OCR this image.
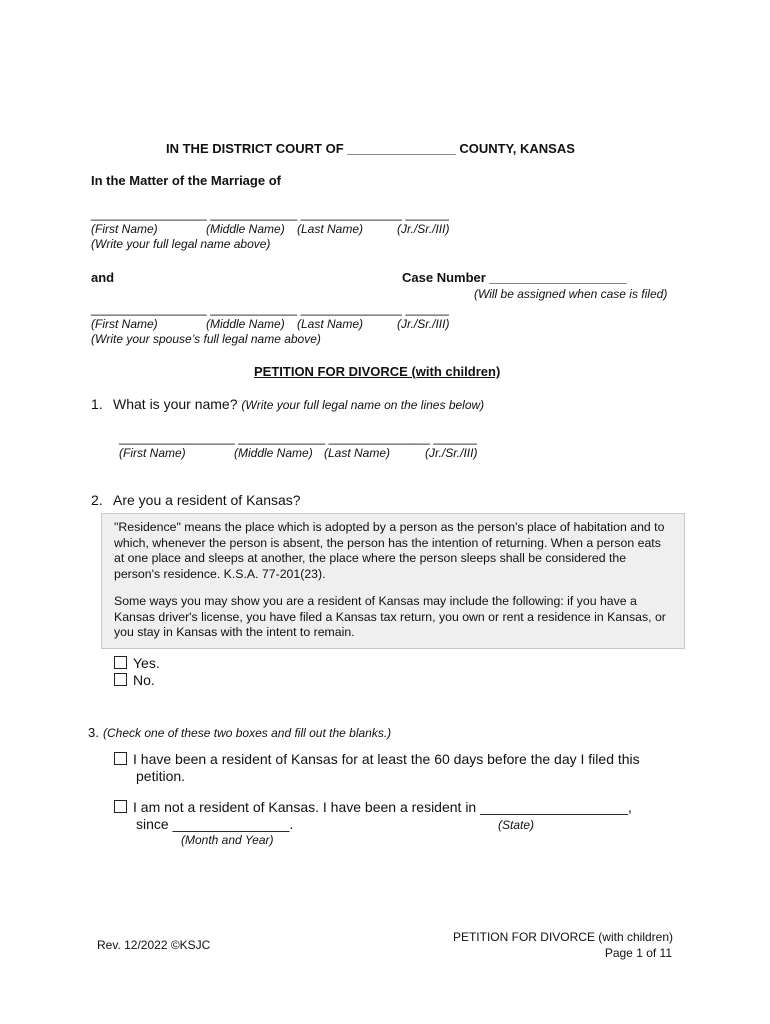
IN THE DISTRICT COURT OF _______________ COUNTY, KANSAS
In the Matter of the Marriage of
________________ ____________ ______________ ______
(First Name)	(Middle Name) (Last Name)	(Jr./Sr./III)
(Write your full legal name above)
and	Case Number ___________________
(Will be assigned when case is filed)
________________ ____________ ______________ ______
(First Name)	(Middle Name) (Last Name)	(Jr./Sr./III)
(Write your spouse’s full legal name above)
PETITION FOR DIVORCE (with children)
1. What is your name? (Write your full legal name on the lines below)
________________ ____________ ______________ ______
(First Name)	(Middle Name) (Last Name)	(Jr./Sr./III)
2. Are you a resident of Kansas?

"Residence" means the place which is adopted by a person as the person's place of habitation and to which, whenever the person is absent, the person has the intention of returning. When a person eats at one place and sleeps at another, the place where the person sleeps shall be considered the person's residence. K.S.A. 77-201(23).

Some ways you may show you are a resident of Kansas may include the following: if you have a Kansas driver's license, you have filed a Kansas tax return, you own or rent a residence in Kansas, or you stay in Kansas with the intent to remain.

Yes.
No.
3. (Check one of these two boxes and fill out the blanks.)
I have been a resident of Kansas for at least the 60 days before the day I filed this
petition.
I am not a resident of Kansas. I have been a resident in ___________________,
since _______________.	(State)
(Month and Year)
Rev. 12/2022 ©KSJC
PETITION FOR DIVORCE (with children)
Page 1 of 11
